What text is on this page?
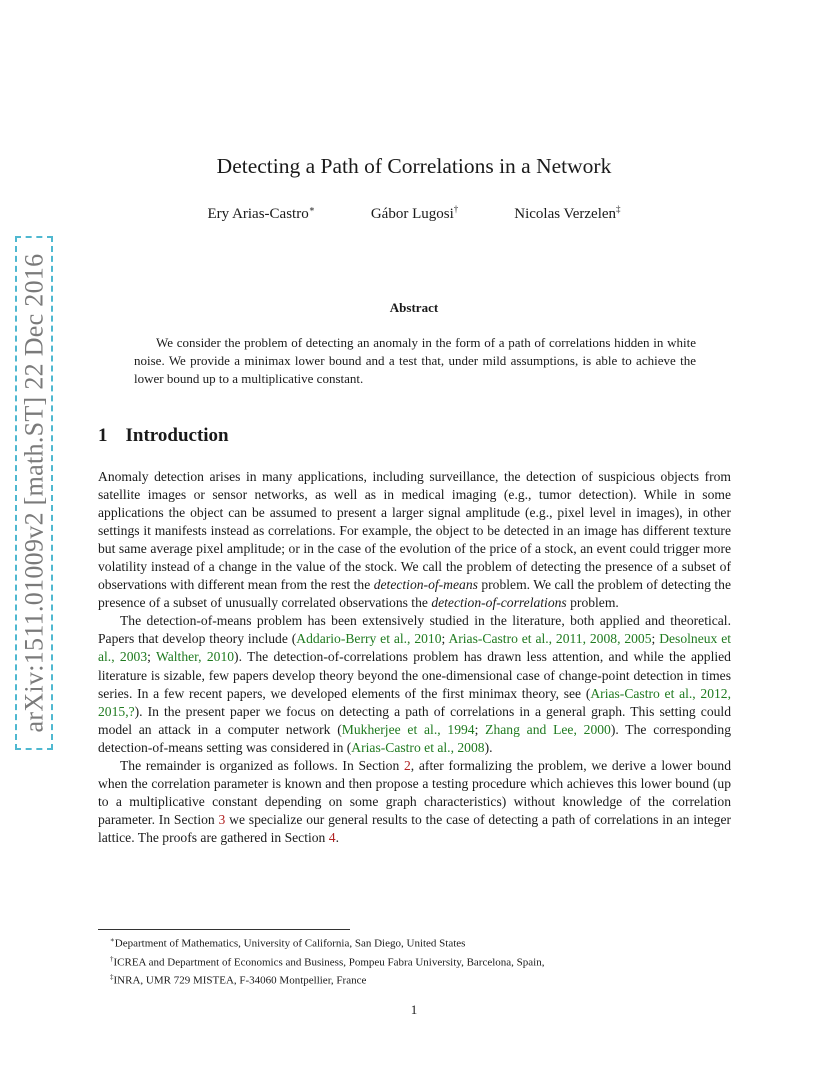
arXiv:1511.01009v2 [math.ST] 22 Dec 2016
Detecting a Path of Correlations in a Network
Ery Arias-Castro∗	Gábor Lugosi†	Nicolas Verzelen‡
Abstract

We consider the problem of detecting an anomaly in the form of a path of correlations hidden in white noise. We provide a minimax lower bound and a test that, under mild assumptions, is able to achieve the lower bound up to a multiplicative constant.

1 Introduction

Anomaly detection arises in many applications, including surveillance, the detection of suspicious objects from satellite images or sensor networks, as well as in medical imaging (e.g., tumor detection). While in some applications the object can be assumed to present a larger signal amplitude (e.g., pixel level in images), in other settings it manifests instead as correlations. For example, the object to be detected in an image has different texture but same average pixel amplitude; or in the case of the evolution of the price of a stock, an event could trigger more volatility instead of a change in the value of the stock. We call the problem of detecting the presence of a subset of observations with different mean from the rest the detection-of-means problem. We call the problem of detecting the presence of a subset of unusually correlated observations the detection-of-correlations problem.

The detection-of-means problem has been extensively studied in the literature, both applied and theoretical. Papers that develop theory include (Addario-Berry et al., 2010; Arias-Castro et al., 2011, 2008, 2005; Desolneux et al., 2003; Walther, 2010). The detection-of-correlations problem has drawn less attention, and while the applied literature is sizable, few papers develop theory beyond the one-dimensional case of change-point detection in times series. In a few recent papers, we developed elements of the first minimax theory, see (Arias-Castro et al., 2012, 2015,?). In the present paper we focus on detecting a path of correlations in a general graph. This setting could model an attack in a computer network (Mukherjee et al., 1994; Zhang and Lee, 2000). The corresponding detection-of-means setting was considered in (Arias-Castro et al., 2008).

The remainder is organized as follows. In Section 2, after formalizing the problem, we derive a lower bound when the correlation parameter is known and then propose a testing procedure which achieves this lower bound (up to a multiplicative constant depending on some graph characteristics) without knowledge of the correlation parameter. In Section 3 we specialize our general results to the case of detecting a path of correlations in an integer lattice. The proofs are gathered in Section 4.

∗Department of Mathematics, University of California, San Diego, United States
†ICREA and Department of Economics and Business, Pompeu Fabra University, Barcelona, Spain,
‡INRA, UMR 729 MISTEA, F-34060 Montpellier, France
1
